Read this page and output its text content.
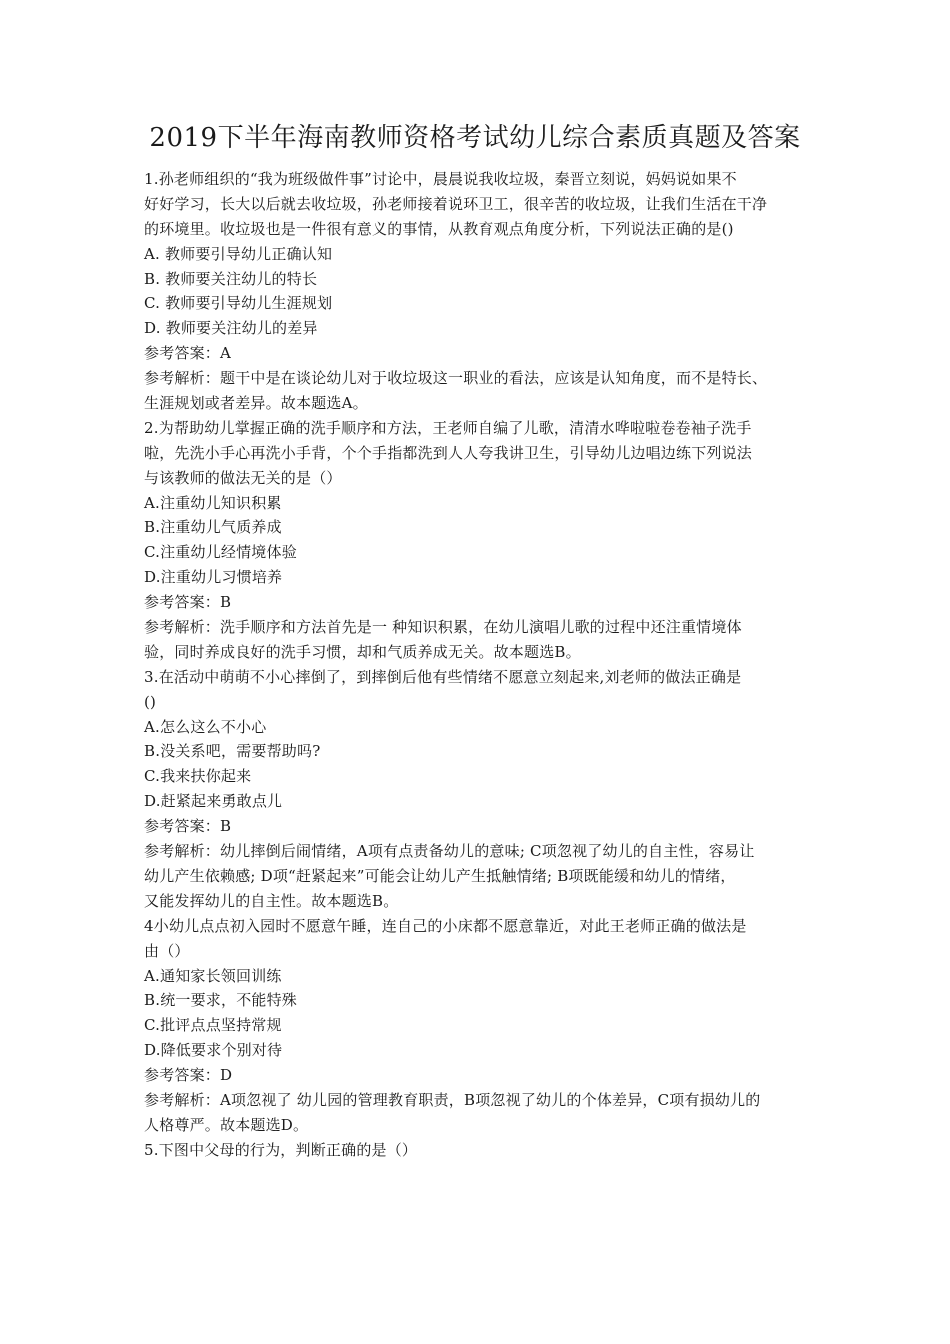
2019下半年海南教师资格考试幼儿综合素质真题及答案
1.孙老师组织的“我为班级做件事”讨论中，晨晨说我收垃圾，秦晋立刻说，妈妈说如果不
好好学习，长大以后就去收垃圾，孙老师接着说环卫工，很辛苦的收垃圾，让我们生活在干净
的环境里。收垃圾也是一件很有意义的事情，从教育观点角度分析，下列说法正确的是()
A. 教师要引导幼儿正确认知
B. 教师要关注幼儿的特长
C. 教师要引导幼儿生涯规划
D. 教师要关注幼儿的差异
参考答案：A
参考解析：题干中是在谈论幼儿对于收垃圾这一职业的看法，应该是认知角度，而不是特长、
生涯规划或者差异。故本题选A。
2.为帮助幼儿掌握正确的洗手顺序和方法，王老师自编了儿歌，清清水哗啦啦卷卷袖子洗手
啦，先洗小手心再洗小手背，个个手指都洗到人人夸我讲卫生，引导幼儿边唱边练下列说法
与该教师的做法无关的是（）
A.注重幼儿知识积累
B.注重幼儿气质养成
C.注重幼儿经情境体验
D.注重幼儿习惯培养
参考答案：B
参考解析：洗手顺序和方法首先是一 种知识积累，在幼儿演唱儿歌的过程中还注重情境体
验，同时养成良好的洗手习惯，却和气质养成无关。故本题选B。
3.在活动中萌萌不小心摔倒了，到摔倒后他有些情绪不愿意立刻起来,刘老师的做法正确是
()
A.怎么这么不小心
B.没关系吧，需要帮助吗?
C.我来扶你起来
D.赶紧起来勇敢点儿
参考答案：B
参考解析：幼儿摔倒后闹情绪，A项有点责备幼儿的意味; C项忽视了幼儿的自主性，容易让
幼儿产生依赖感; D项“赶紧起来”可能会让幼儿产生抵触情绪; B项既能缓和幼儿的情绪，
又能发挥幼儿的自主性。故本题选B。
4小幼儿点点初入园时不愿意午睡，连自己的小床都不愿意靠近，对此王老师正确的做法是
由（）
A.通知家长领回训练
B.统一要求，不能特殊
C.批评点点坚持常规
D.降低要求个别对待
参考答案：D
参考解析：A项忽视了 幼儿园的管理教育职责，B项忽视了幼儿的个体差异，C项有损幼儿的
人格尊严。故本题选D。
5.下图中父母的行为，判断正确的是（）
